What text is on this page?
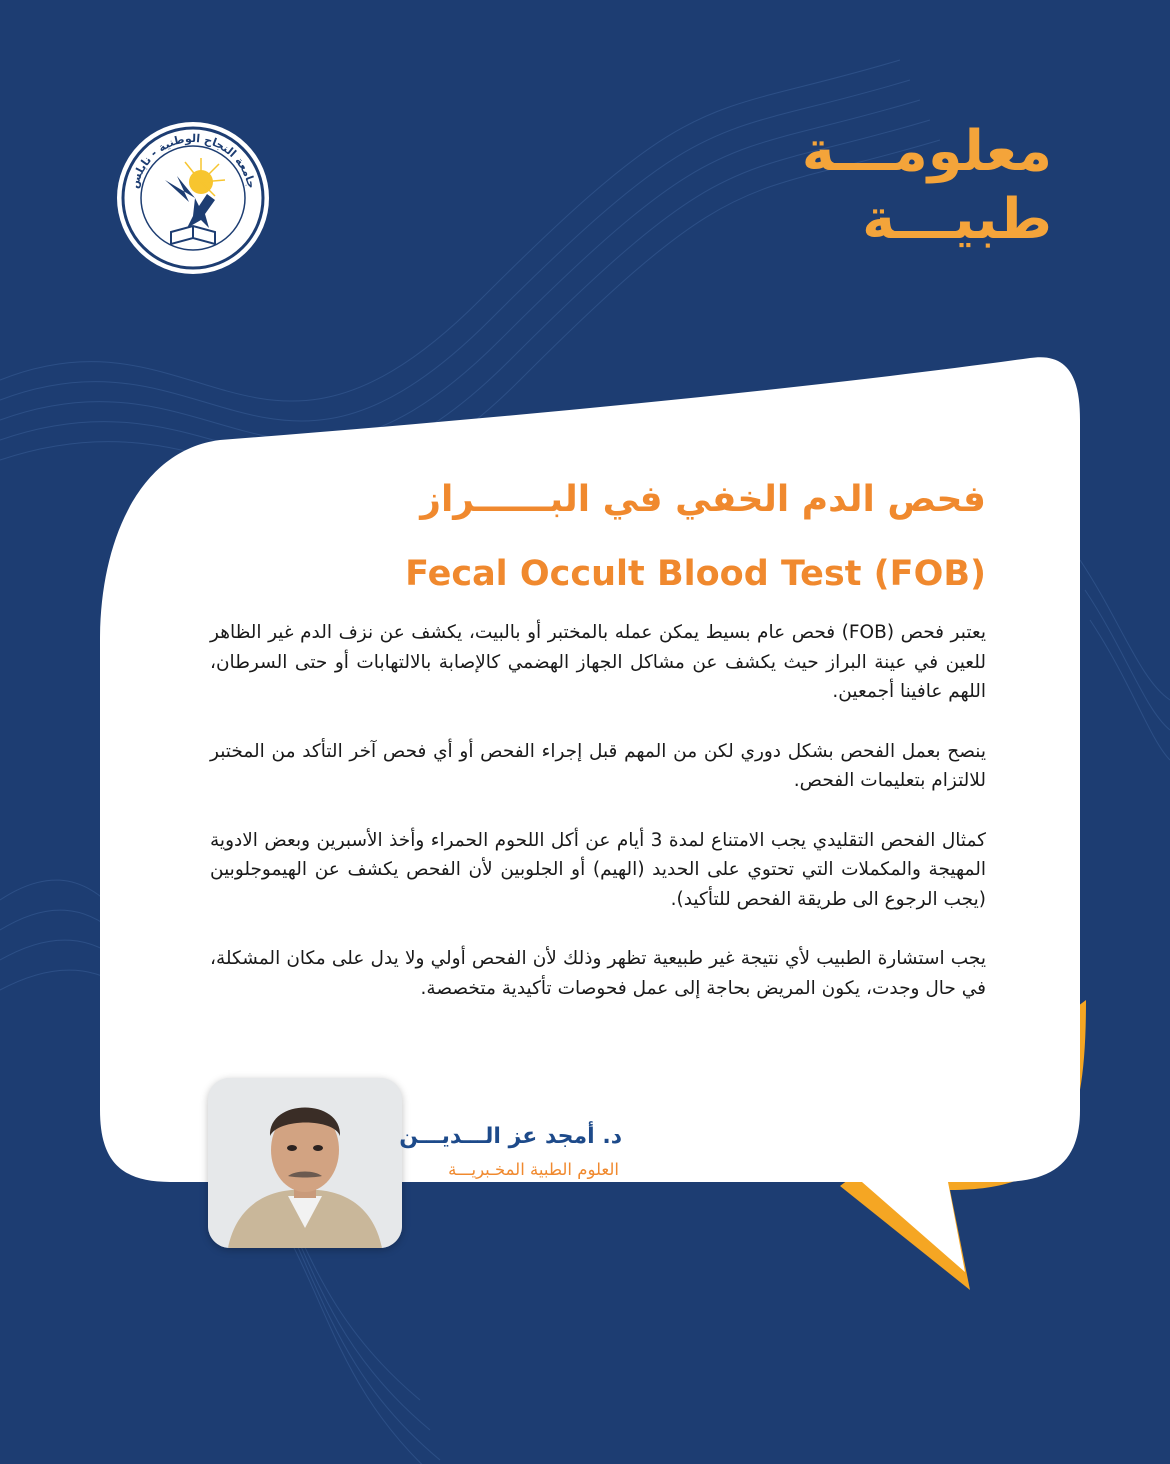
معلومـــة
طبيـــة
جامعة النجاح الوطنية - نابلس
فحص الدم الخفي في البــــــراز
Fecal Occult Blood Test (FOB)

يعتبر فحص (FOB) فحص عام بسيط يمكن عمله بالمختبر أو بالبيت، يكشف عن نزف الدم غير الظاهر للعين في عينة البراز حيث يكشف عن مشاكل الجهاز الهضمي كالإصابة بالالتهابات أو حتى السرطان، اللهم عافينا أجمعين.

ينصح بعمل الفحص بشكل دوري لكن من المهم قبل إجراء الفحص أو أي فحص آخر التأكد من المختبر للالتزام بتعليمات الفحص.

كمثال الفحص التقليدي يجب الامتناع لمدة 3 أيام عن أكل اللحوم الحمراء وأخذ الأسبرين وبعض الادوية المهيجة والمكملات التي تحتوي على الحديد (الهيم) أو الجلوبين لأن الفحص يكشف عن الهيموجلوبين (يجب الرجوع الى طريقة الفحص للتأكيد).

يجب استشارة الطبيب لأي نتيجة غير طبيعية تظهر وذلك لأن الفحص أولي ولا يدل على مكان المشكلة، في حال وجدت، يكون المريض بحاجة إلى عمل فحوصات تأكيدية متخصصة.

د. أمجد عز الـــديـــن
العلوم الطبية المخـبريـــة
